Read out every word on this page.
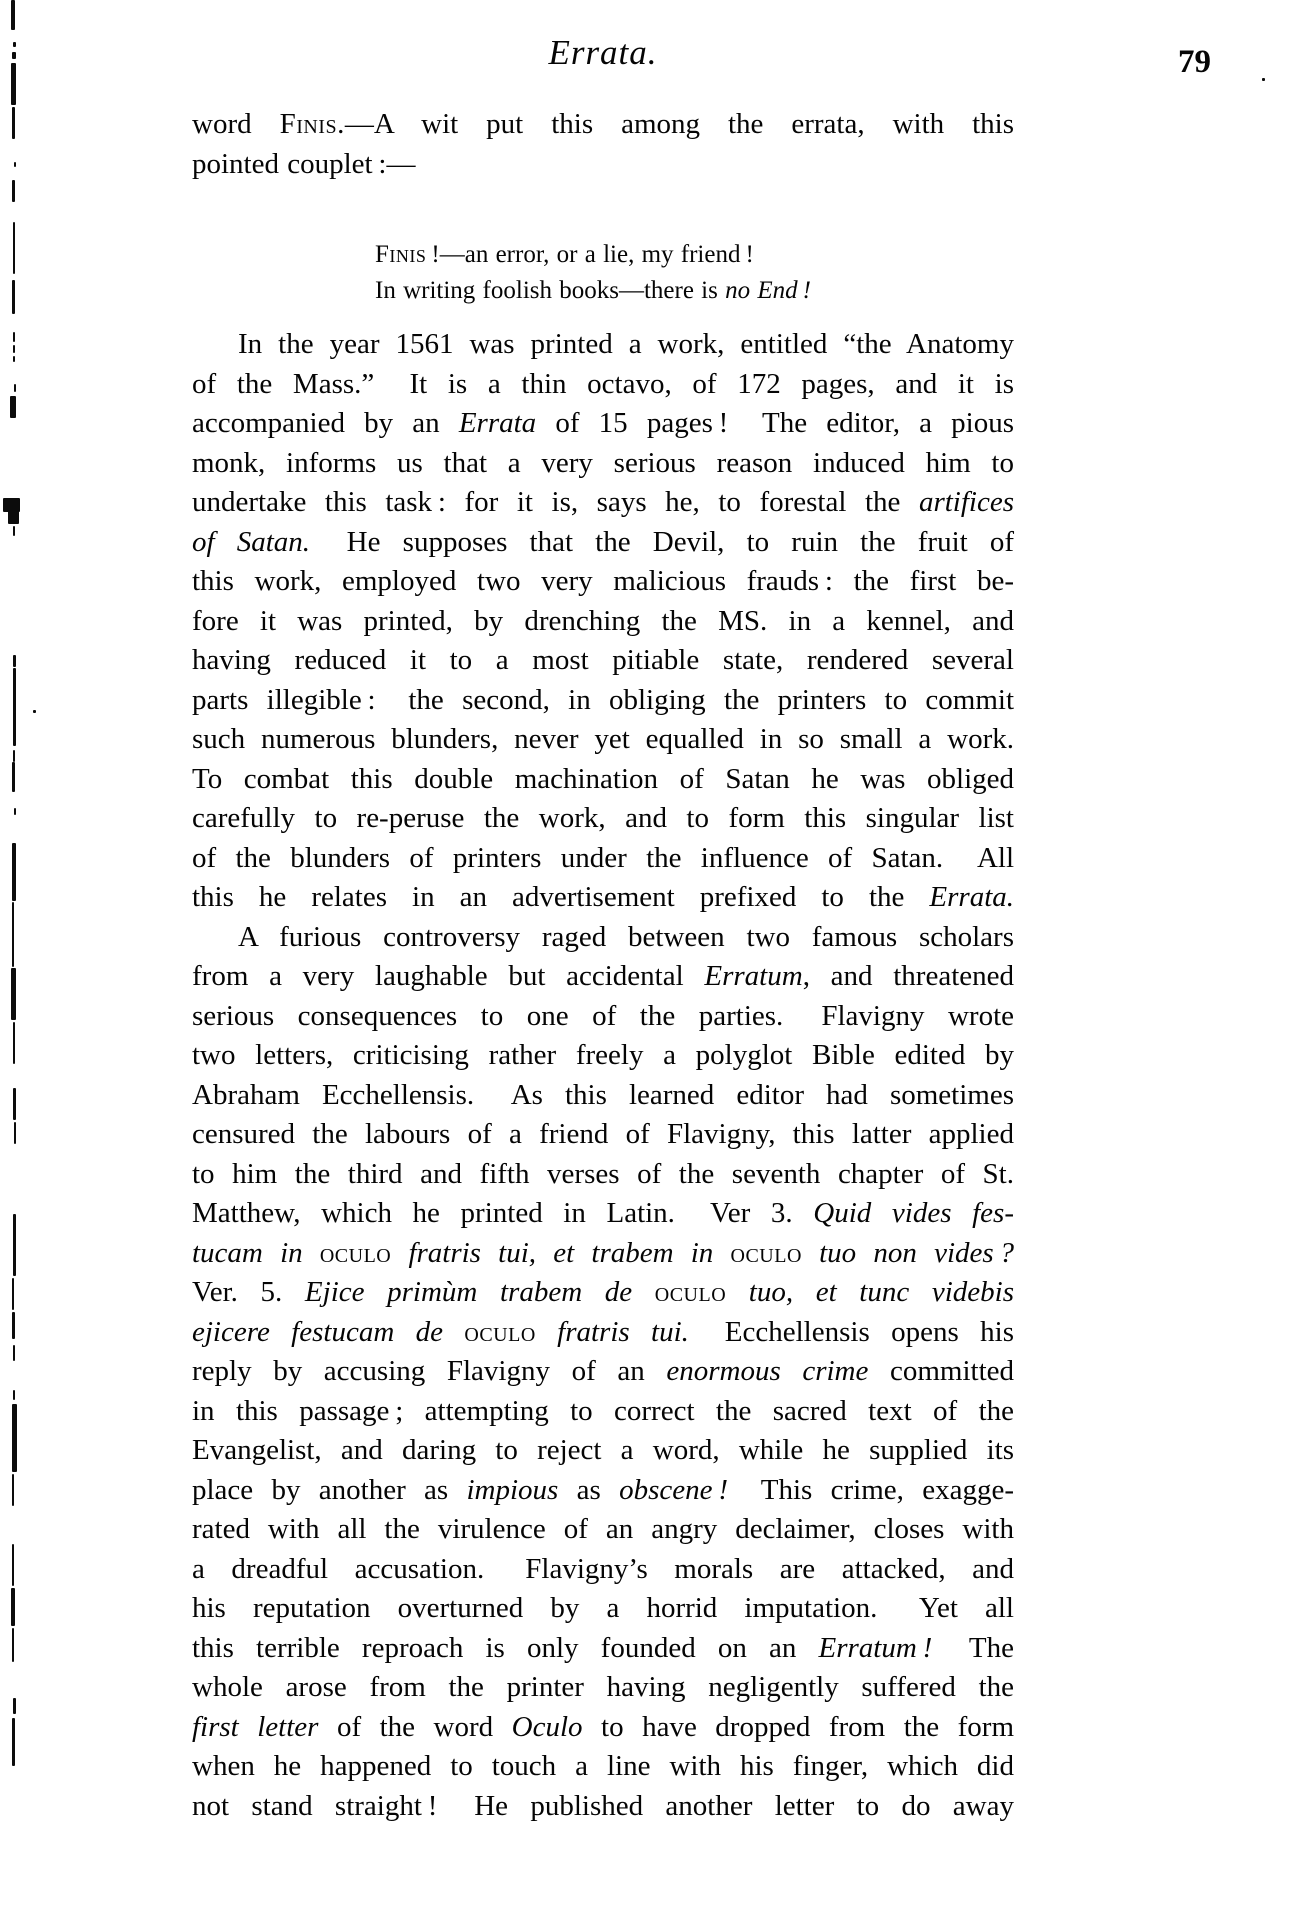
Errata.	79
word Finis.—A wit put this among the errata, with this
pointed couplet :—
Finis !—an error, or a lie, my friend !
In writing foolish books—there is no End !
In the year 1561 was printed a work, entitled “the Anatomy
of the Mass.”  It is a thin octavo, of 172 pages, and it is
accompanied by an Errata of 15 pages !  The editor, a pious
monk, informs us that a very serious reason induced him to
undertake this task : for it is, says he, to forestal the artifices
of Satan.  He supposes that the Devil, to ruin the fruit of
this work, employed two very malicious frauds : the first be-
fore it was printed, by drenching the MS. in a kennel, and
having reduced it to a most pitiable state, rendered several
parts illegible :  the second, in obliging the printers to commit
such numerous blunders, never yet equalled in so small a work.
To combat this double machination of Satan he was obliged
carefully to re-peruse the work, and to form this singular list
of the blunders of printers under the influence of Satan.  All
this he relates in an advertisement prefixed to the Errata.
A furious controversy raged between two famous scholars
from a very laughable but accidental Erratum, and threatened
serious consequences to one of the parties.  Flavigny wrote
two letters, criticising rather freely a polyglot Bible edited by
Abraham Ecchellensis.  As this learned editor had sometimes
censured the labours of a friend of Flavigny, this latter applied
to him the third and fifth verses of the seventh chapter of St.
Matthew, which he printed in Latin.  Ver 3. Quid vides fes-
tucam in oculo fratris tui, et trabem in oculo tuo non vides ?
Ver. 5. Ejice primùm trabem de oculo tuo, et tunc videbis
ejicere festucam de oculo fratris tui.  Ecchellensis opens his
reply by accusing Flavigny of an enormous crime committed
in this passage ; attempting to correct the sacred text of the
Evangelist, and daring to reject a word, while he supplied its
place by another as impious as obscene !  This crime, exagge-
rated with all the virulence of an angry declaimer, closes with
a dreadful accusation.  Flavigny’s morals are attacked, and
his reputation overturned by a horrid imputation.  Yet all
this terrible reproach is only founded on an Erratum !  The
whole arose from the printer having negligently suffered the
first letter of the word Oculo to have dropped from the form
when he happened to touch a line with his finger, which did
not stand straight !  He published another letter to do away
